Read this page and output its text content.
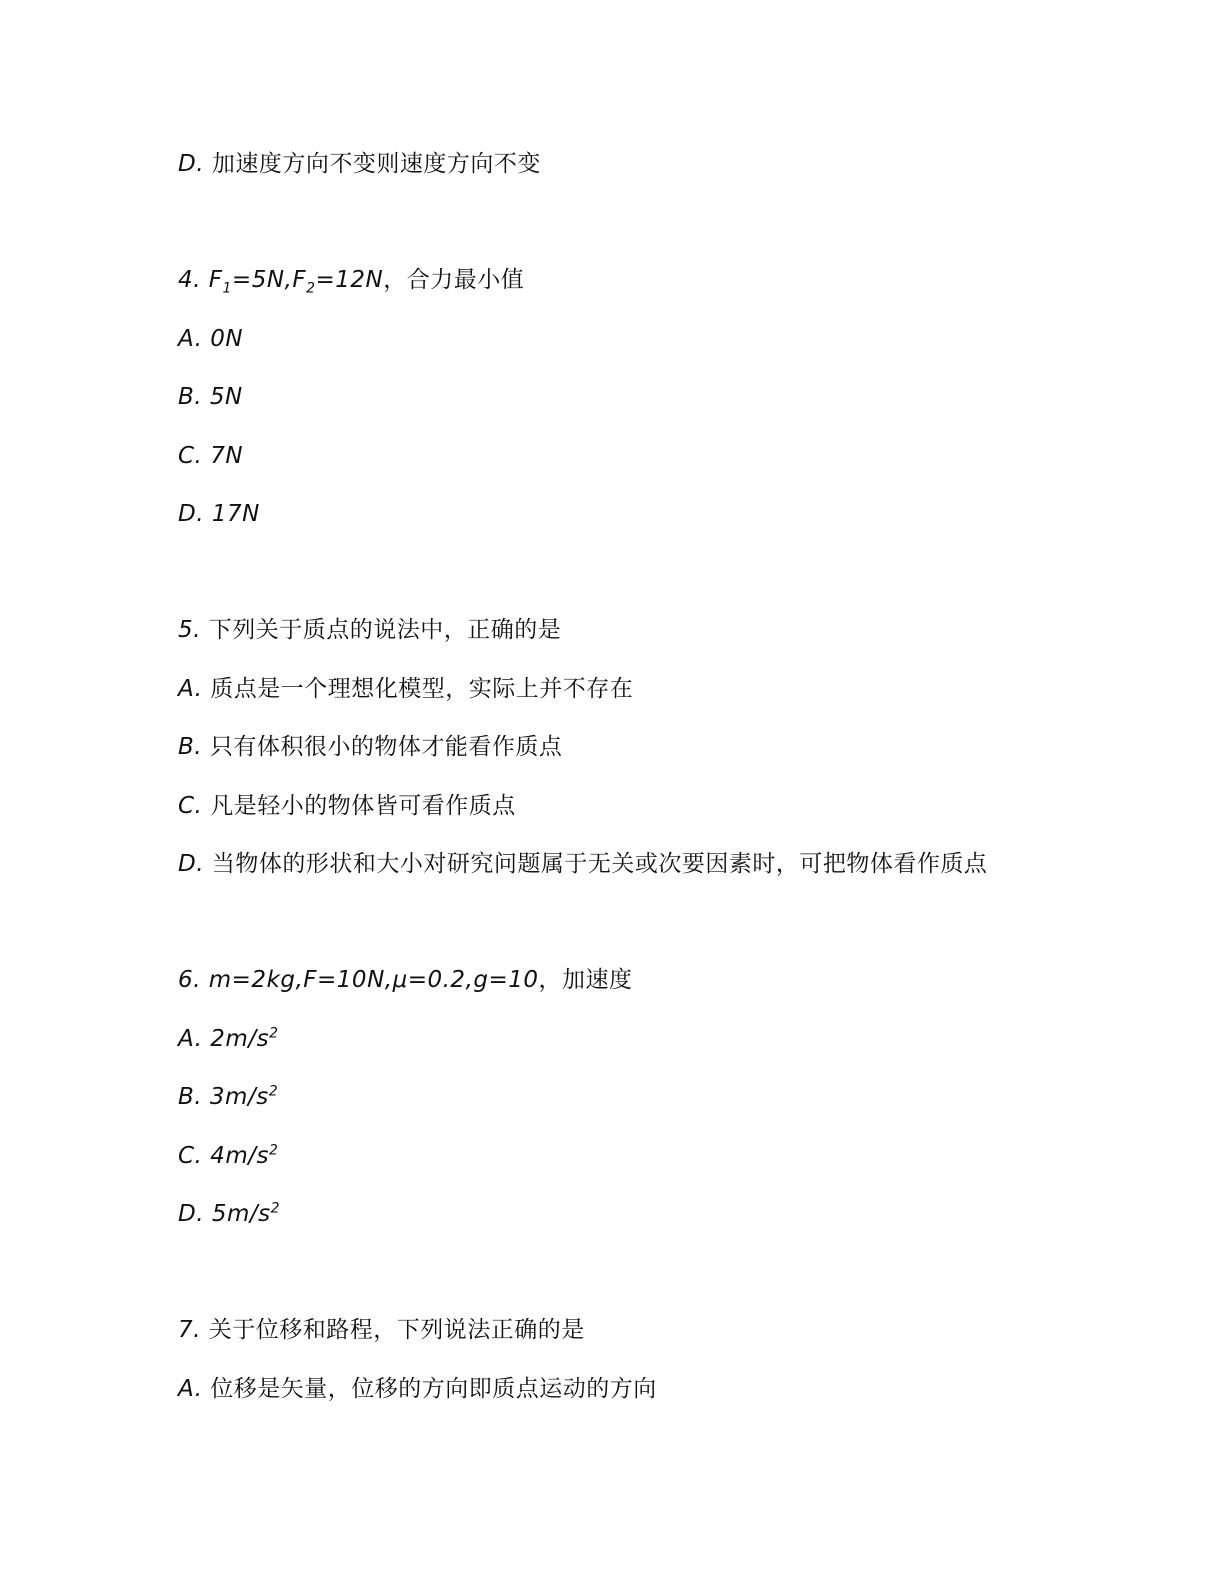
D. 加速度方向不变则速度方向不变
4. $F_1=5N,F_2=12N$，合力最小值
A. 0N
B. 5N
C. 7N
D. 17N
5. 下列关于质点的说法中，正确的是
A. 质点是一个理想化模型，实际上并不存在
B. 只有体积很小的物体才能看作质点
C. 凡是轻小的物体皆可看作质点
D. 当物体的形状和大小对研究问题属于无关或次要因素时，可把物体看作质点
6. m=2kg,F=10N,μ=0.2,g=10，加速度
A. $2m/s^2$
B. $3m/s^2$
C. $4m/s^2$
D. $5m/s^2$
7. 关于位移和路程，下列说法正确的是
A. 位移是矢量，位移的方向即质点运动的方向
